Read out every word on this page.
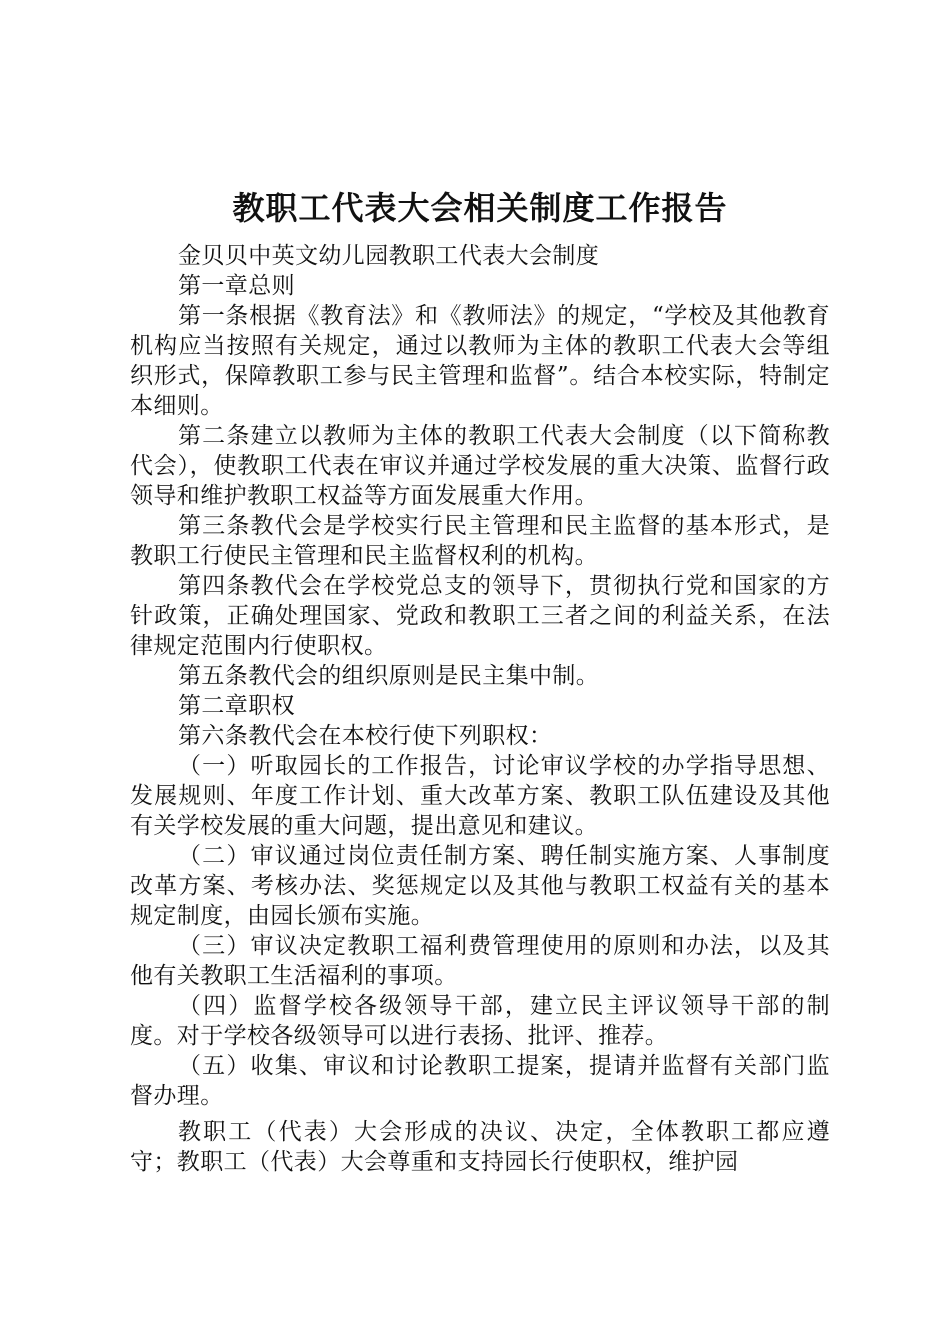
教职工代表大会相关制度工作报告

金贝贝中英文幼儿园教职工代表大会制度

第一章总则

第一条根据《教育法》和《教师法》的规定，“学校及其他教育机构应当按照有关规定，通过以教师为主体的教职工代表大会等组织形式，保障教职工参与民主管理和监督”。结合本校实际，特制定本细则。

第二条建立以教师为主体的教职工代表大会制度（以下简称教代会），使教职工代表在审议并通过学校发展的重大决策、监督行政领导和维护教职工权益等方面发展重大作用。

第三条教代会是学校实行民主管理和民主监督的基本形式，是教职工行使民主管理和民主监督权利的机构。

第四条教代会在学校党总支的领导下，贯彻执行党和国家的方针政策，正确处理国家、党政和教职工三者之间的利益关系，在法律规定范围内行使职权。

第五条教代会的组织原则是民主集中制。

第二章职权

第六条教代会在本校行使下列职权：

（一）听取园长的工作报告，讨论审议学校的办学指导思想、发展规则、年度工作计划、重大改革方案、教职工队伍建设及其他有关学校发展的重大问题，提出意见和建议。

（二）审议通过岗位责任制方案、聘任制实施方案、人事制度改革方案、考核办法、奖惩规定以及其他与教职工权益有关的基本规定制度，由园长颁布实施。

（三）审议决定教职工福利费管理使用的原则和办法，以及其他有关教职工生活福利的事项。

（四）监督学校各级领导干部，建立民主评议领导干部的制度。对于学校各级领导可以进行表扬、批评、推荐。

（五）收集、审议和讨论教职工提案，提请并监督有关部门监督办理。

教职工（代表）大会形成的决议、决定，全体教职工都应遵守；教职工（代表）大会尊重和支持园长行使职权，维护园
